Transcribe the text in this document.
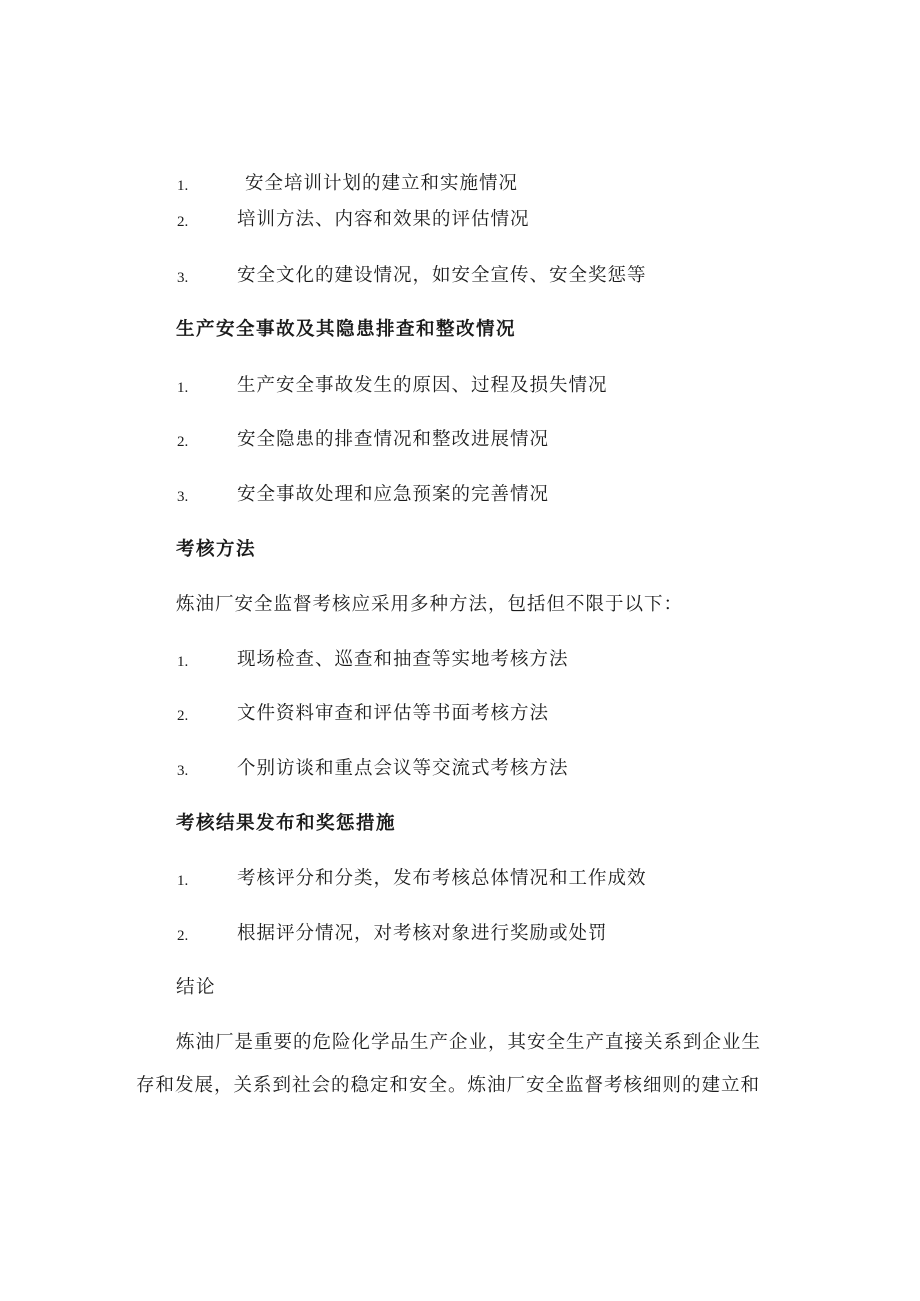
1.	安全培训计划的建立和实施情况
2.	培训方法、内容和效果的评估情况
3.	安全文化的建设情况，如安全宣传、安全奖惩等
生产安全事故及其隐患排查和整改情况
1.	生产安全事故发生的原因、过程及损失情况
2.	安全隐患的排查情况和整改进展情况
3.	安全事故处理和应急预案的完善情况
考核方法
炼油厂安全监督考核应采用多种方法，包括但不限于以下：
1.	现场检查、巡查和抽查等实地考核方法
2.	文件资料审查和评估等书面考核方法
3.	个别访谈和重点会议等交流式考核方法
考核结果发布和奖惩措施
1.	考核评分和分类，发布考核总体情况和工作成效
2.	根据评分情况，对考核对象进行奖励或处罚
结论
炼油厂是重要的危险化学品生产企业，其安全生产直接关系到企业生
存和发展，关系到社会的稳定和安全。炼油厂安全监督考核细则的建立和
